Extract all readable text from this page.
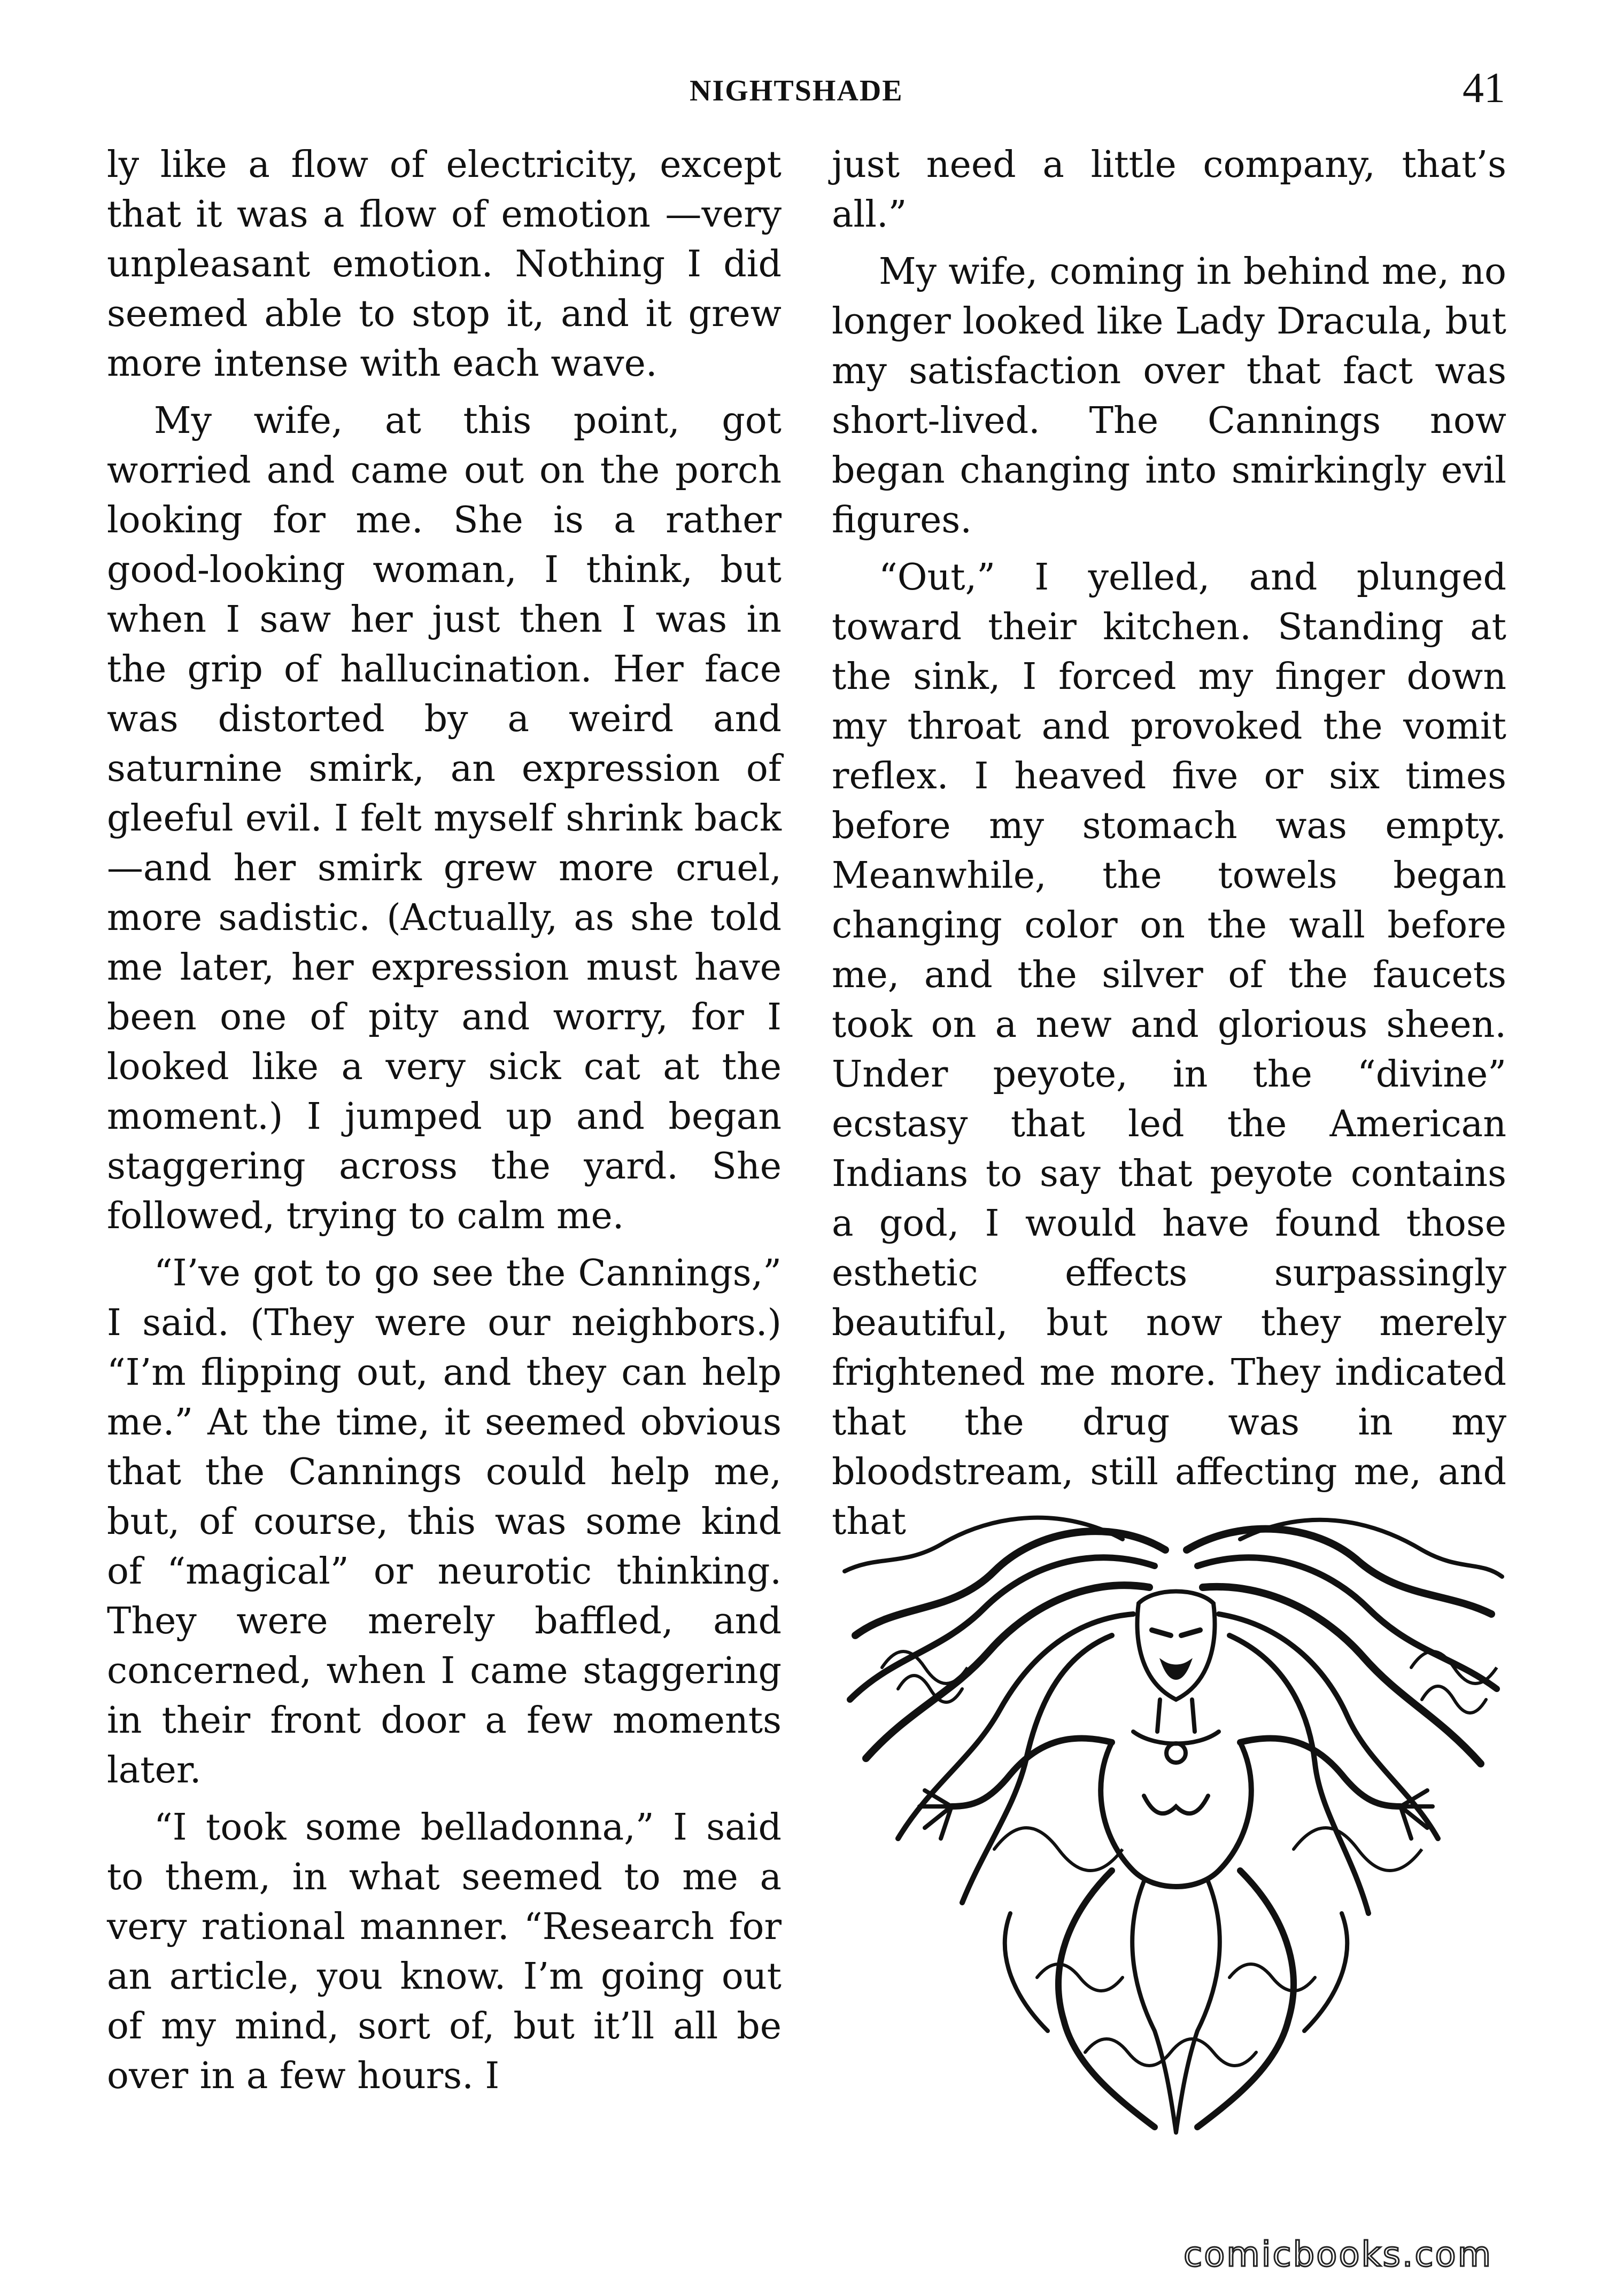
NIGHTSHADE	41

ly like a flow of electricity, except that it was a flow of emotion —very unpleasant emotion. Nothing I did seemed able to stop it, and it grew more intense with each wave.

My wife, at this point, got worried and came out on the porch looking for me. She is a rather good-looking woman, I think, but when I saw her just then I was in the grip of hallucination. Her face was distorted by a weird and saturnine smirk, an expression of gleeful evil. I felt myself shrink back—and her smirk grew more cruel, more sadistic. (Actually, as she told me later, her expression must have been one of pity and worry, for I looked like a very sick cat at the moment.) I jumped up and began staggering across the yard. She followed, trying to calm me.

“I’ve got to go see the Cannings,” I said. (They were our neighbors.) “I’m flipping out, and they can help me.” At the time, it seemed obvious that the Cannings could help me, but, of course, this was some kind of “magical” or neurotic thinking. They were merely baffled, and concerned, when I came staggering in their front door a few moments later.

“I took some belladonna,” I said to them, in what seemed to me a very rational manner. “Research for an article, you know. I’m going out of my mind, sort of, but it’ll all be over in a few hours. I

just need a little company, that’s all.”

My wife, coming in behind me, no longer looked like Lady Dracula, but my satisfaction over that fact was short-lived. The Cannings now began changing into smirkingly evil figures.

“Out,” I yelled, and plunged toward their kitchen. Standing at the sink, I forced my finger down my throat and provoked the vomit reflex. I heaved five or six times before my stomach was empty. Meanwhile, the towels began changing color on the wall before me, and the silver of the faucets took on a new and glorious sheen. Under peyote, in the “divine” ecstasy that led the American Indians to say that peyote contains a god, I would have found those esthetic effects surpassingly beautiful, but now they merely frightened me more. They indicated that the drug was in my bloodstream, still affecting me, and that

comicbooks.com
